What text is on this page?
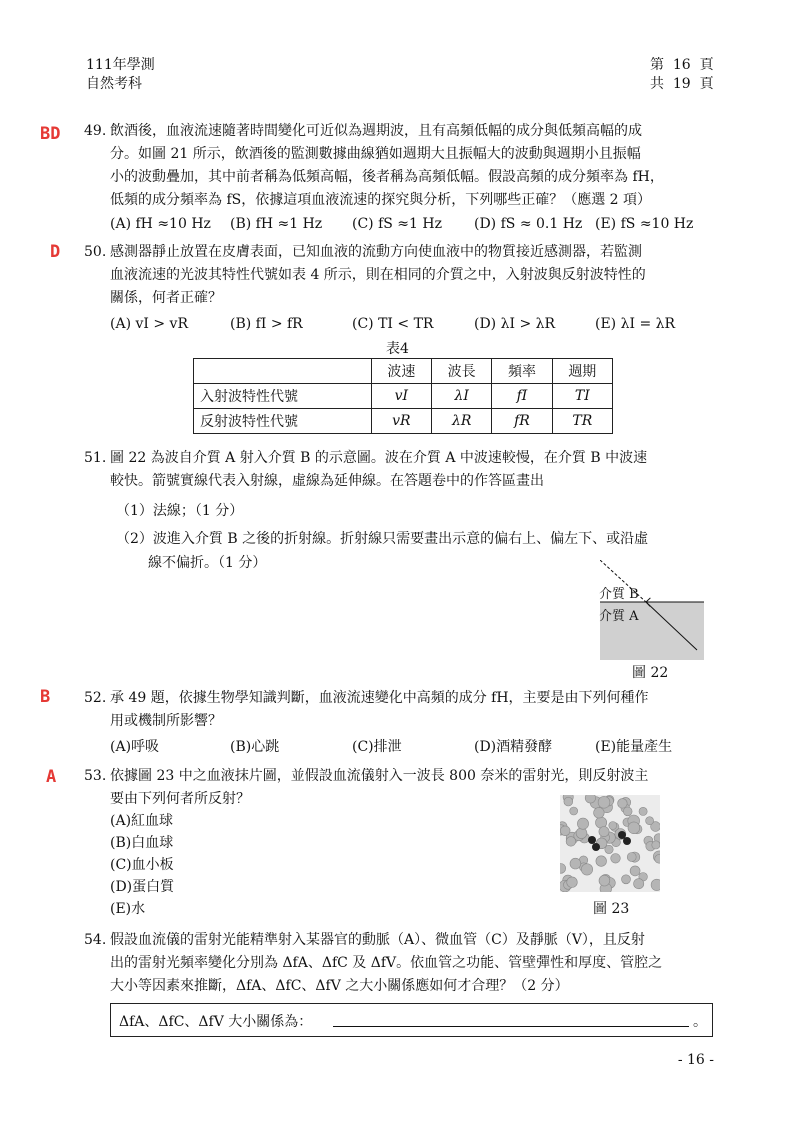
111年學測
自然考科
第  16  頁
共  19  頁
BD
D
B
A
49. 飲酒後，血液流速隨著時間變化可近似為週期波，且有高頻低幅的成分與低頻高幅的成
分。如圖 21 所示，飲酒後的監測數據曲線猶如週期大且振幅大的波動與週期小且振幅
小的波動疊加，其中前者稱為低頻高幅，後者稱為高頻低幅。假設高頻的成分頻率為 fH，
低頻的成分頻率為 fS，依據這項血液流速的探究與分析，下列哪些正確？（應選 2 項）
(A) fH ≈10 Hz (B) fH ≈1 Hz (C) fS ≈1 Hz (D) fS ≈ 0.1 Hz (E) fS ≈10 Hz
50. 感測器靜止放置在皮膚表面，已知血液的流動方向使血液中的物質接近感測器，若監測
血液流速的光波其特性代號如表 4 所示，則在相同的介質之中，入射波與反射波特性的
關係，何者正確？
(A) vI > vR	(B) fI > fR	(C) TI < TR	(D) λI > λR	(E) λI = λR
表4
	波速	波長	頻率	週期
入射波特性代號	vI	λI	fI	TI
反射波特性代號	vR	λR	fR	TR
51. 圖 22 為波自介質 A 射入介質 B 的示意圖。波在介質 A 中波速較慢，在介質 B 中波速
較快。箭號實線代表入射線，虛線為延伸線。在答題卷中的作答區畫出
（1）法線；（1 分）
（2）波進入介質 B 之後的折射線。折射線只需要畫出示意的偏右上、偏左下、或沿虛
線不偏折。（1 分）
介質 B
介質 A
圖 22
52. 承 49 題，依據生物學知識判斷，血液流速變化中高頻的成分 fH，主要是由下列何種作
用或機制所影響？
(A)呼吸	(B)心跳	(C)排泄	(D)酒精發酵	(E)能量產生
53. 依據圖 23 中之血液抹片圖，並假設血流儀射入一波長 800 奈米的雷射光，則反射波主
要由下列何者所反射？
(A)紅血球
(B)白血球
(C)血小板
(D)蛋白質
(E)水	圖 23
54. 假設血流儀的雷射光能精準射入某器官的動脈（A）、微血管（C）及靜脈（V），且反射
出的雷射光頻率變化分別為 ΔfA、ΔfC 及 ΔfV。依血管之功能、管壁彈性和厚度、管腔之
大小等因素來推斷，ΔfA、ΔfC、ΔfV 之大小關係應如何才合理？（2 分）
ΔfA、ΔfC、ΔfV 大小關係為：	。
- 16 -
